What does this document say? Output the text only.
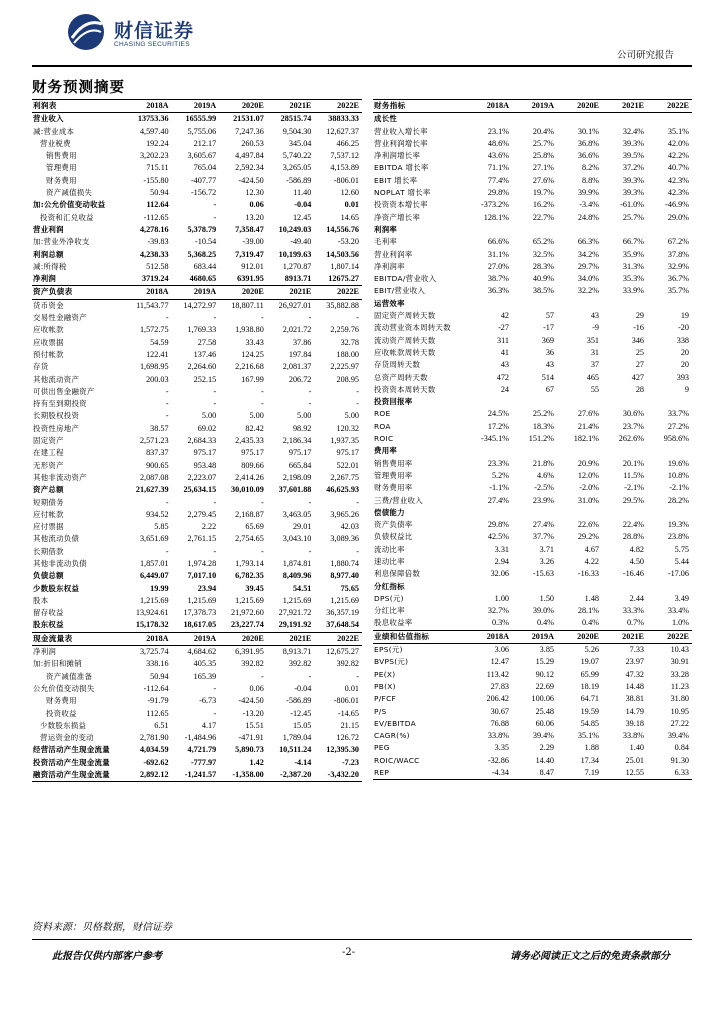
财信证券
CHASING SECURITIES
公司研究报告
财务预测摘要
利润表	2018A	2019A	2020E	2021E	2022E
营业收入	13753.36	16555.99	21531.07	28515.74	38833.33
减:营业成本	4,597.40	5,755.06	7,247.36	9,504.30	12,627.37
营业税费	192.24	212.17	260.53	345.04	466.25
销售费用	3,202.23	3,605.67	4,497.84	5,740.22	7,537.12
管理费用	715.11	765.04	2,592.34	3,265.05	4,153.89
财务费用	-155.80	-407.77	-424.50	-586.89	-806.01
资产减值损失	50.94	-156.72	12.30	11.40	12.60
加:公允价值变动收益	112.64	-	0.06	-0.04	0.01
投资和汇兑收益	-112.65	-	13.20	12.45	14.65
营业利润	4,278.16	5,378.79	7,358.47	10,249.03	14,556.76
加:营业外净收支	-39.83	-10.54	-39.00	-49.40	-53.20
利润总额	4,238.33	5,368.25	7,319.47	10,199.63	14,503.56
减:所得税	512.58	683.44	912.01	1,270.87	1,807.14
净利润	3719.24	4680.65	6391.95	8913.71	12675.27
资产负债表	2018A	2019A	2020E	2021E	2022E
货币资金	11,543.77	14,272.97	18,807.11	26,927.01	35,882.88
交易性金融资产	-	-	-	-	-
应收帐款	1,572.75	1,769.33	1,938.80	2,021.72	2,259.76
应收票据	54.59	27.58	33.43	37.86	32.78
预付帐款	122.41	137.46	124.25	197.84	188.00
存货	1,698.95	2,264.60	2,216.68	2,081.37	2,225.97
其他流动资产	200.03	252.15	167.99	206.72	208.95
可供出售金融资产	-	-	-	-	-
持有至到期投资	-	-	-	-	-
长期股权投资	-	5.00	5.00	5.00	5.00
投资性房地产	38.57	69.02	82.42	98.92	120.32
固定资产	2,571.23	2,684.33	2,435.33	2,186.34	1,937.35
在建工程	837.37	975.17	975.17	975.17	975.17
无形资产	900.65	953.48	809.66	665.84	522.01
其他非流动资产	2,087.08	2,223.07	2,414.26	2,198.09	2,267.75
资产总额	21,627.39	25,634.15	30,010.09	37,601.88	46,625.93
短期债务	-	-	-	-	-
应付帐款	934.52	2,279.45	2,168.87	3,463.05	3,965.26
应付票据	5.85	2.22	65.69	29.01	42.03
其他流动负债	3,651.69	2,761.15	2,754.65	3,043.10	3,089.36
长期借款	-	-	-	-	-
其他非流动负债	1,857.01	1,974.28	1,793.14	1,874.81	1,880.74
负债总额	6,449.07	7,017.10	6,782.35	8,409.96	8,977.40
少数股东权益	19.99	23.94	39.45	54.51	75.65
股本	1,215.69	1,215.69	1,215.69	1,215.69	1,215.69
留存收益	13,924.61	17,378.73	21,972.60	27,921.72	36,357.19
股东权益	15,178.32	18,617.05	23,227.74	29,191.92	37,648.54
现金流量表	2018A	2019A	2020E	2021E	2022E
净利润	3,725.74	4,684.62	6,391.95	8,913.71	12,675.27
加:折旧和摊销	338.16	405.35	392.82	392.82	392.82
资产减值准备	50.94	165.39	-	-	-
公允价值变动损失	-112.64	-	0.06	-0.04	0.01
财务费用	-91.79	-6.73	-424.50	-586.89	-806.01
投资收益	112.65	-	-13.20	-12.45	-14.65
少数股东损益	6.51	4.17	15.51	15.05	21.15
营运资金的变动	2,781.90	-1,484.96	-471.91	1,789.04	126.72
经营活动产生现金流量	4,034.59	4,721.79	5,890.73	10,511.24	12,395.30
投资活动产生现金流量	-692.62	-777.97	1.42	-4.14	-7.23
融资活动产生现金流量	2,892.12	-1,241.57	-1,358.00	-2,387.20	-3,432.20
财务指标	2018A	2019A	2020E	2021E	2022E
成长性					
营业收入增长率	23.1%	20.4%	30.1%	32.4%	35.1%
营业利润增长率	48.6%	25.7%	36.8%	39.3%	42.0%
净利润增长率	43.6%	25.8%	36.6%	39.5%	42.2%
EBITDA 增长率	71.1%	27.1%	8.2%	37.2%	40.7%
EBIT 增长率	77.4%	27.6%	8.8%	39.3%	42.3%
NOPLAT 增长率	29.8%	19.7%	39.9%	39.3%	42.3%
投资资本增长率	-373.2%	16.2%	-3.4%	-61.0%	-46.9%
净资产增长率	128.1%	22.7%	24.8%	25.7%	29.0%
利润率					
毛利率	66.6%	65.2%	66.3%	66.7%	67.2%
营业利润率	31.1%	32.5%	34.2%	35.9%	37.8%
净利润率	27.0%	28.3%	29.7%	31.3%	32.9%
EBITDA/营业收入	38.7%	40.9%	34.0%	35.3%	36.7%
EBIT/营业收入	36.3%	38.5%	32.2%	33.9%	35.7%
运营效率					
固定资产周转天数	42	57	43	29	19
流动营业资本周转天数	-27	-17	-9	-16	-20
流动资产周转天数	311	369	351	346	338
应收帐款周转天数	41	36	31	25	20
存货周转天数	43	43	37	27	20
总资产周转天数	472	514	465	427	393
投资资本周转天数	24	67	55	28	9
投资回报率					
ROE	24.5%	25.2%	27.6%	30.6%	33.7%
ROA	17.2%	18.3%	21.4%	23.7%	27.2%
ROIC	-345.1%	151.2%	182.1%	262.6%	958.6%
费用率					
销售费用率	23.3%	21.8%	20.9%	20.1%	19.6%
管理费用率	5.2%	4.6%	12.0%	11.5%	10.8%
财务费用率	-1.1%	-2.5%	-2.0%	-2.1%	-2.1%
三费/营业收入	27.4%	23.9%	31.0%	29.5%	28.2%
偿债能力					
资产负债率	29.8%	27.4%	22.6%	22.4%	19.3%
负债权益比	42.5%	37.7%	29.2%	28.8%	23.8%
流动比率	3.31	3.71	4.67	4.82	5.75
速动比率	2.94	3.26	4.22	4.50	5.44
利息保障倍数	32.06	-15.63	-16.33	-16.46	-17.06
分红指标					
DPS(元)	1.00	1.50	1.48	2.44	3.49
分红比率	32.7%	39.0%	28.1%	33.3%	33.4%
股息收益率	0.3%	0.4%	0.4%	0.7%	1.0%
业绩和估值指标	2018A	2019A	2020E	2021E	2022E
EPS(元)	3.06	3.85	5.26	7.33	10.43
BVPS(元)	12.47	15.29	19.07	23.97	30.91
PE(X)	113.42	90.12	65.99	47.32	33.28
PB(X)	27.83	22.69	18.19	14.48	11.23
P/FCF	206.42	100.06	64.71	38.81	31.80
P/S	30.67	25.48	19.59	14.79	10.95
EV/EBITDA	76.88	60.06	54.85	39.18	27.22
CAGR(%)	33.8%	39.4%	35.1%	33.8%	39.4%
PEG	3.35	2.29	1.88	1.40	0.84
ROIC/WACC	-32.86	14.40	17.34	25.01	91.30
REP	-4.34	8.47	7.19	12.55	6.33
资料来源：贝格数据，财信证券
此报告仅供内部客户参考	-2-	请务必阅读正文之后的免责条款部分
